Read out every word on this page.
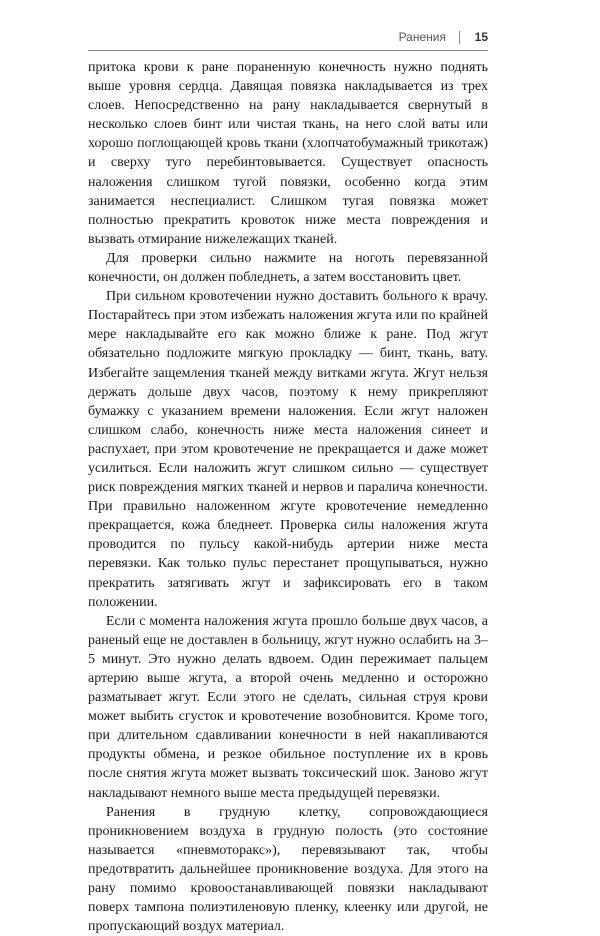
Ранения 15

притока крови к ране пораненную конечность нужно поднять выше уровня сердца. Давящая повязка накладывается из трех слоев. Непосредственно на рану накладывается свернутый в несколько слоев бинт или чистая ткань, на него слой ваты или хорошо поглощающей кровь ткани (хлопчатобумажный трикотаж) и сверху туго перебинтовывается. Существует опасность наложения слишком тугой повязки, особенно когда этим занимается неспециалист. Слишком тугая повязка может полностью прекратить кровоток ниже места повреждения и вызвать отмирание нижележащих тканей.

Для проверки сильно нажмите на ноготь перевязанной конечности, он должен побледнеть, а затем восстановить цвет.

При сильном кровотечении нужно доставить больного к врачу. Постарайтесь при этом избежать наложения жгута или по крайней мере накладывайте его как можно ближе к ране. Под жгут обязательно подложите мягкую прокладку — бинт, ткань, вату. Избегайте защемления тканей между витками жгута. Жгут нельзя держать дольше двух часов, поэтому к нему прикрепляют бумажку с указанием времени наложения. Если жгут наложен слишком слабо, конечность ниже места наложения синеет и распухает, при этом кровотечение не прекращается и даже может усилиться. Если наложить жгут слишком сильно — существует риск повреждения мягких тканей и нервов и паралича конечности. При правильно наложенном жгуте кровотечение немедленно прекращается, кожа бледнеет. Проверка силы наложения жгута проводится по пульсу какой-нибудь артерии ниже места перевязки. Как только пульс перестанет прощупываться, нужно прекратить затягивать жгут и зафиксировать его в таком положении.

Если с момента наложения жгута прошло больше двух часов, а раненый еще не доставлен в больницу, жгут нужно ослабить на 3–5 минут. Это нужно делать вдвоем. Один пережимает пальцем артерию выше жгута, а второй очень медленно и осторожно разматывает жгут. Если этого не сделать, сильная струя крови может выбить сгусток и кровотечение возобновится. Кроме того, при длительном сдавливании конечности в ней накапливаются продукты обмена, и резкое обильное поступление их в кровь после снятия жгута может вызвать токсический шок. Заново жгут накладывают немного выше места предыдущей перевязки.

Ранения в грудную клетку, сопровождающиеся проникновением воздуха в грудную полость (это состояние называется «пневмоторакс»), перевязывают так, чтобы предотвратить дальнейшее проникновение воздуха. Для этого на рану помимо кровоостанавливающей повязки накладывают поверх тампона полиэтиленовую пленку, клеенку или другой, не пропускающий воздух материал.
